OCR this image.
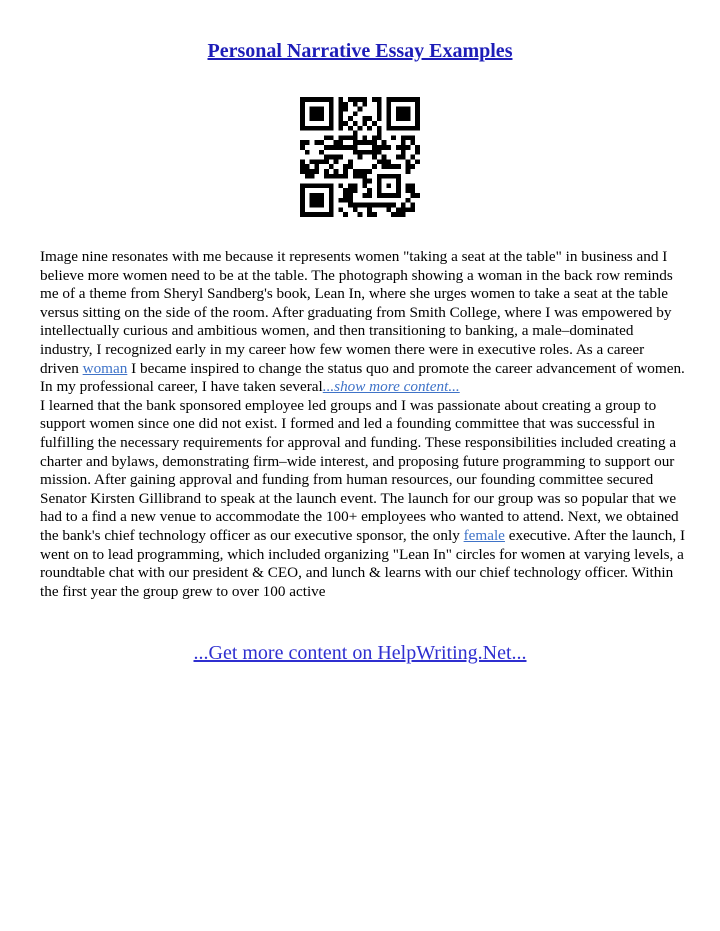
Personal Narrative Essay Examples
Image nine resonates with me because it represents women "taking a seat at the table" in business and I believe more women need to be at the table. The photograph showing a woman in the back row reminds me of a theme from Sheryl Sandberg's book, Lean In, where she urges women to take a seat at the table versus sitting on the side of the room. After graduating from Smith College, where I was empowered by intellectually curious and ambitious women, and then transitioning to banking, a male–dominated industry, I recognized early in my career how few women there were in executive roles. As a career driven woman I became inspired to change the status quo and promote the career advancement of women. In my professional career, I have taken several...show more content...
I learned that the bank sponsored employee led groups and I was passionate about creating a group to support women since one did not exist. I formed and led a founding committee that was successful in fulfilling the necessary requirements for approval and funding. These responsibilities included creating a charter and bylaws, demonstrating firm–wide interest, and proposing future programming to support our mission. After gaining approval and funding from human resources, our founding committee secured Senator Kirsten Gillibrand to speak at the launch event. The launch for our group was so popular that we had to a find a new venue to accommodate the 100+ employees who wanted to attend. Next, we obtained the bank's chief technology officer as our executive sponsor, the only female executive. After the launch, I went on to lead programming, which included organizing "Lean In" circles for women at varying levels, a roundtable chat with our president & CEO, and lunch & learns with our chief technology officer. Within the first year the group grew to over 100 active
...Get more content on HelpWriting.Net...
